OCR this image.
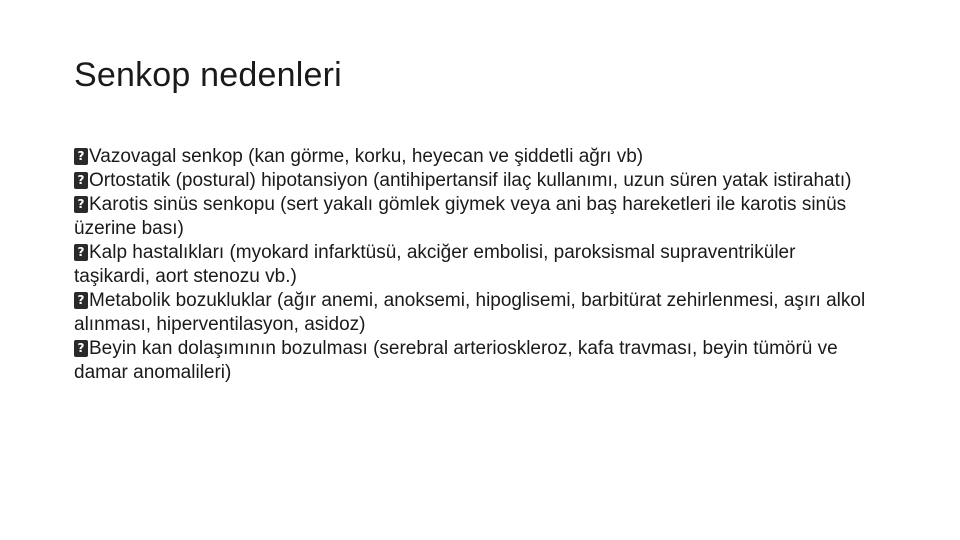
Senkop nedenleri

?Vazovagal senkop (kan görme, korku, heyecan ve şiddetli ağrı vb)

?Ortostatik (postural) hipotansiyon (antihipertansif ilaç kullanımı, uzun süren yatak istirahatı)

?Karotis sinüs senkopu (sert yakalı gömlek giymek veya ani baş hareketleri ile karotis sinüs üzerine bası)

?Kalp hastalıkları (myokard infarktüsü, akciğer embolisi, paroksismal supraventriküler taşikardi, aort stenozu vb.)

?Metabolik bozukluklar (ağır anemi, anoksemi, hipoglisemi, barbitürat zehirlenmesi, aşırı alkol alınması, hiperventilasyon, asidoz)

?Beyin kan dolaşımının bozulması (serebral arterioskleroz, kafa travması, beyin tümörü ve damar anomalileri)
